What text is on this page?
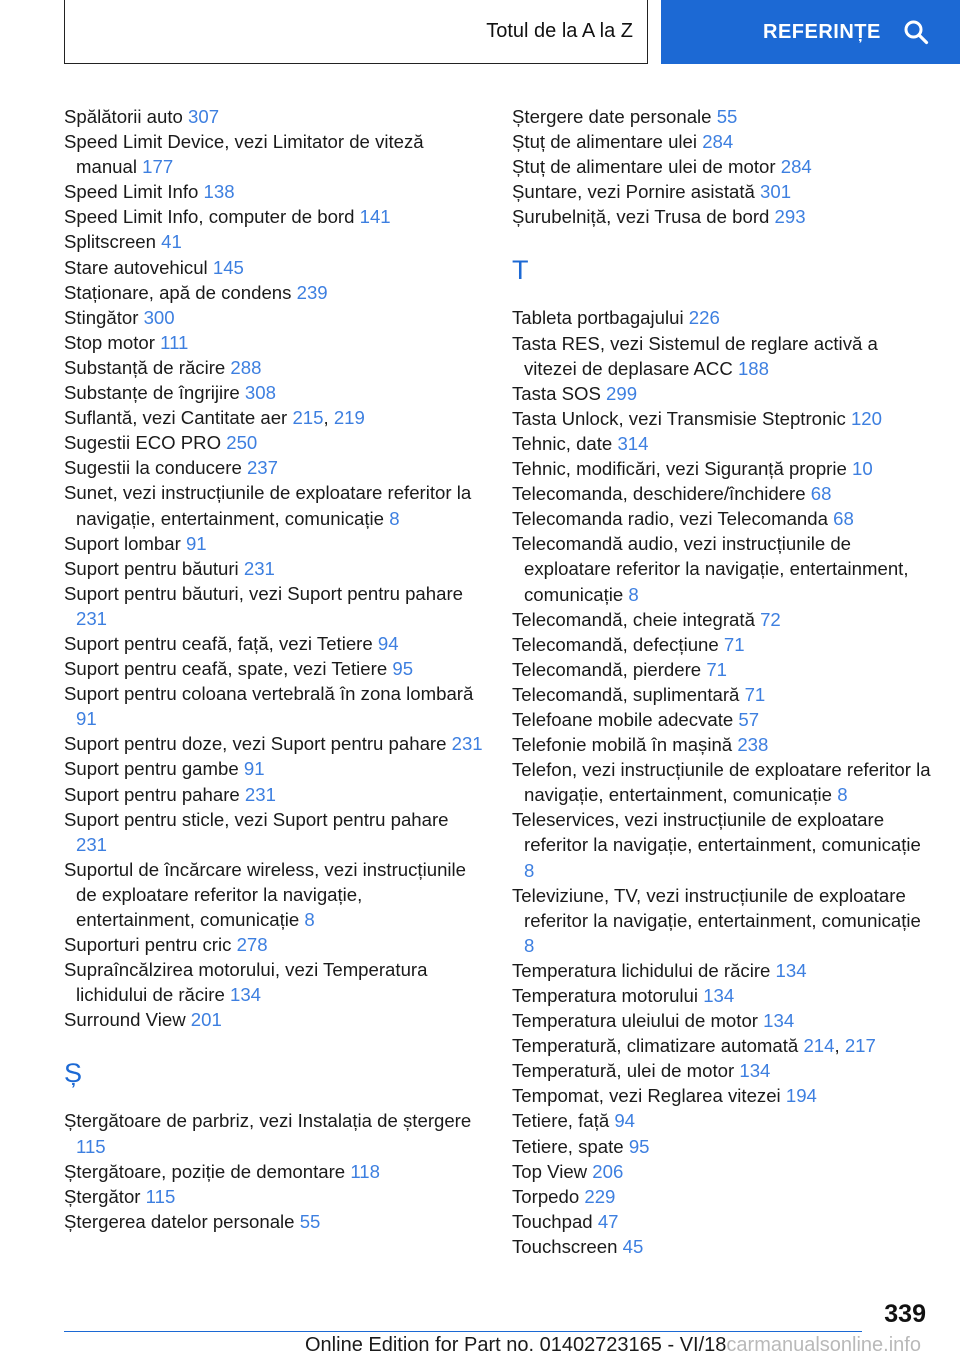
Totul de la A la Z	REFERINȚE

Spălătorii auto 307

Speed Limit Device, vezi Limitator de viteză manual 177

Speed Limit Info 138

Speed Limit Info, computer de bord 141

Splitscreen 41

Stare autovehicul 145

Staționare, apă de condens 239

Stingător 300

Stop motor 111

Substanță de răcire 288

Substanțe de îngrijire 308

Suflantă, vezi Cantitate aer 215, 219

Sugestii ECO PRO 250

Sugestii la conducere 237

Sunet, vezi instrucțiunile de exploatare referitor la navigație, entertainment, comunicație 8

Suport lombar 91

Suport pentru băuturi 231

Suport pentru băuturi, vezi Suport pentru pahare 231

Suport pentru ceafă, față, vezi Tetiere 94

Suport pentru ceafă, spate, vezi Tetiere 95

Suport pentru coloana vertebrală în zona lombară 91

Suport pentru doze, vezi Suport pentru pahare 231

Suport pentru gambe 91

Suport pentru pahare 231

Suport pentru sticle, vezi Suport pentru pahare 231

Suportul de încărcare wireless, vezi instrucțiunile de exploatare referitor la navigație, entertainment, comunicație 8

Suporturi pentru cric 278

Supraîncălzirea motorului, vezi Temperatura lichidului de răcire 134

Surround View 201

Ș

Ștergătoare de parbriz, vezi Instalația de ștergere 115

Ștergătoare, poziție de demontare 118

Ștergător 115

Ștergerea datelor personale 55

Ștergere date personale 55

Ștuț de alimentare ulei 284

Ștuț de alimentare ulei de motor 284

Șuntare, vezi Pornire asistată 301

Șurubelniță, vezi Trusa de bord 293

T

Tableta portbagajului 226

Tasta RES, vezi Sistemul de reglare activă a vitezei de deplasare ACC 188

Tasta SOS 299

Tasta Unlock, vezi Transmisie Steptronic 120

Tehnic, date 314

Tehnic, modificări, vezi Siguranță proprie 10

Telecomanda, deschidere/închidere 68

Telecomanda radio, vezi Telecomanda 68

Telecomandă audio, vezi instrucțiunile de exploatare referitor la navigație, entertainment, comunicație 8

Telecomandă, cheie integrată 72

Telecomandă, defecțiune 71

Telecomandă, pierdere 71

Telecomandă, suplimentară 71

Telefoane mobile adecvate 57

Telefonie mobilă în mașină 238

Telefon, vezi instrucțiunile de exploatare referitor la navigație, entertainment, comunicație 8

Teleservices, vezi instrucțiunile de exploatare referitor la navigație, entertainment, comunicație 8

Televiziune, TV, vezi instrucțiunile de exploatare referitor la navigație, entertainment, comunicație 8

Temperatura lichidului de răcire 134

Temperatura motorului 134

Temperatura uleiului de motor 134

Temperatură, climatizare automată 214, 217

Temperatură, ulei de motor 134

Tempomat, vezi Reglarea vitezei 194

Tetiere, față 94

Tetiere, spate 95

Top View 206

Torpedo 229

Touchpad 47

Touchscreen 45

339
Online Edition for Part no. 01402723165 - VI/18carmanualsonline.info
